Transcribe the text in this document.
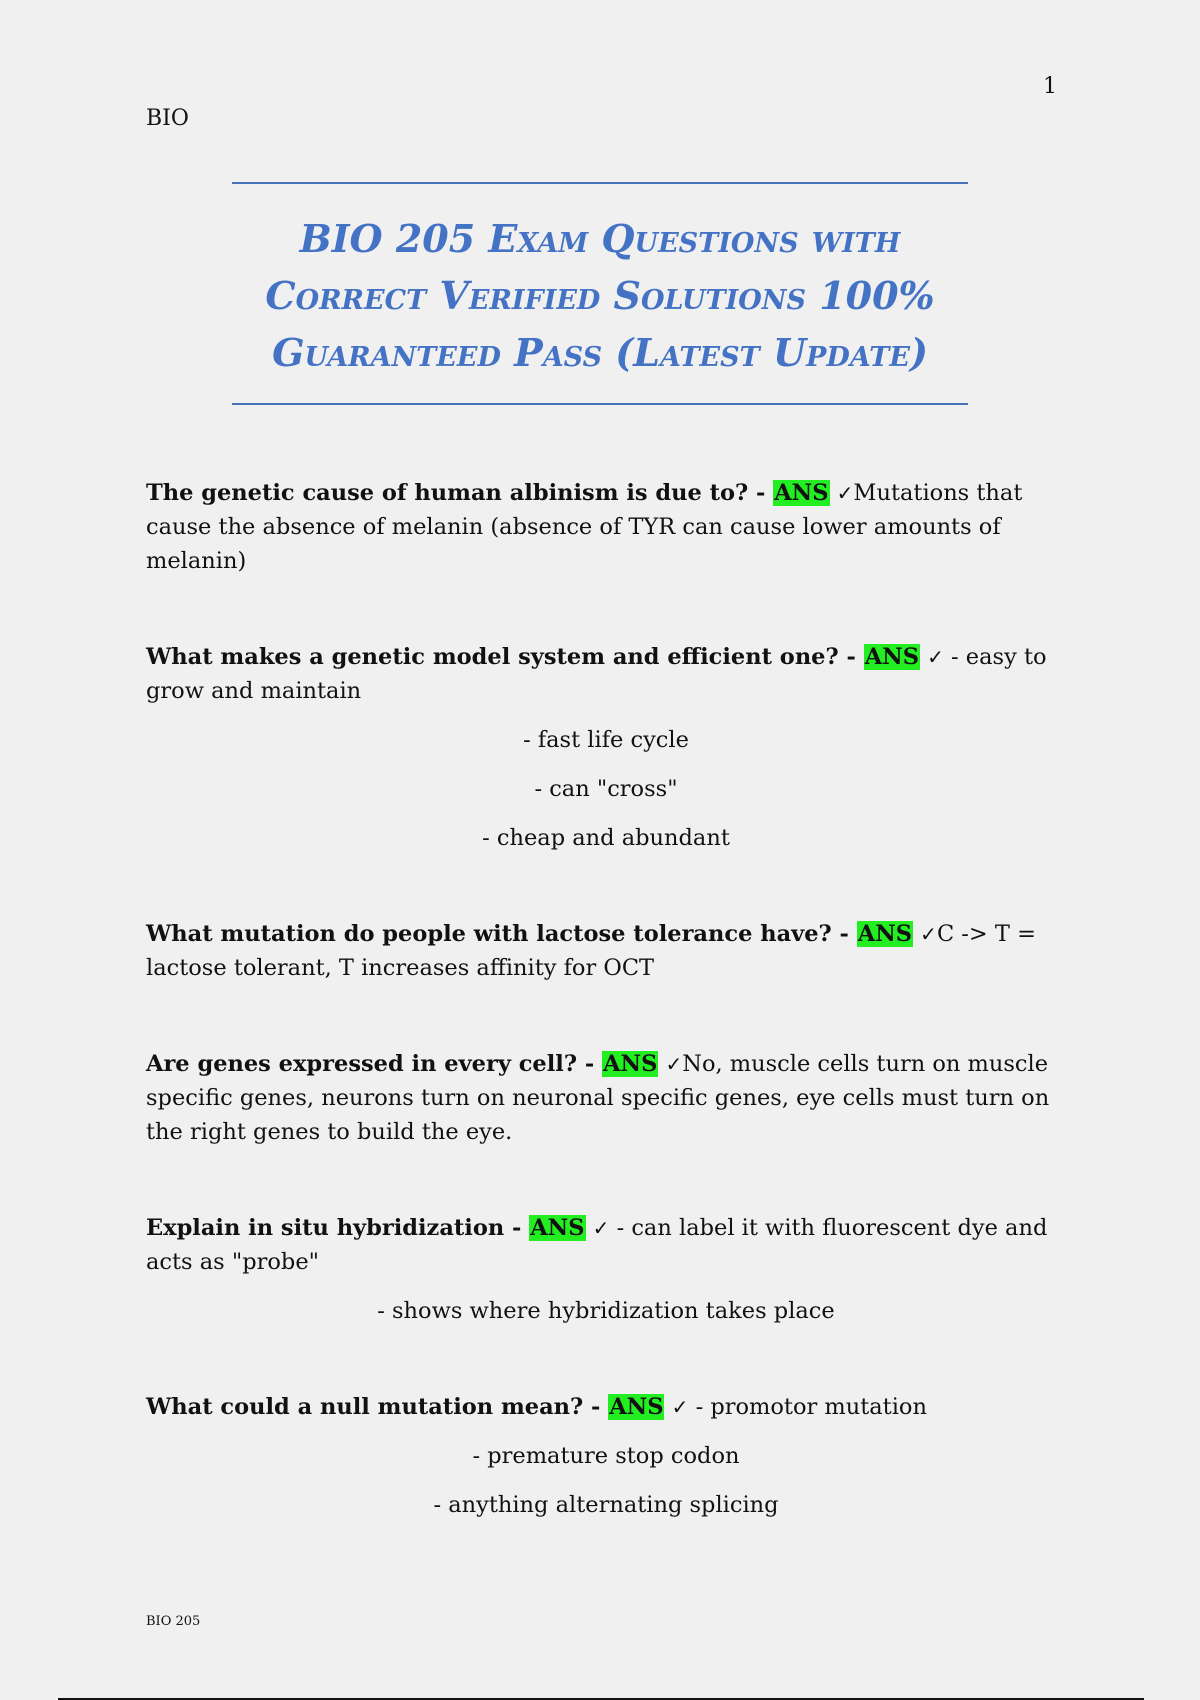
1
BIO
BIO 205 Exam Questions with
Correct Verified Solutions 100%
Guaranteed Pass (Latest Update)

The genetic cause of human albinism is due to? - ANS ✓Mutations that cause the absence of melanin (absence of TYR can cause lower amounts of melanin)

What makes a genetic model system and efficient one? - ANS ✓ - easy to grow and maintain

- fast life cycle

- can "cross"

- cheap and abundant

What mutation do people with lactose tolerance have? - ANS ✓C -> T = lactose tolerant, T increases affinity for OCT

Are genes expressed in every cell? - ANS ✓No, muscle cells turn on muscle specific genes, neurons turn on neuronal specific genes, eye cells must turn on the right genes to build the eye.

Explain in situ hybridization - ANS ✓ - can label it with fluorescent dye and acts as "probe"

- shows where hybridization takes place

What could a null mutation mean? - ANS ✓ - promotor mutation

- premature stop codon

- anything alternating splicing

BIO 205
